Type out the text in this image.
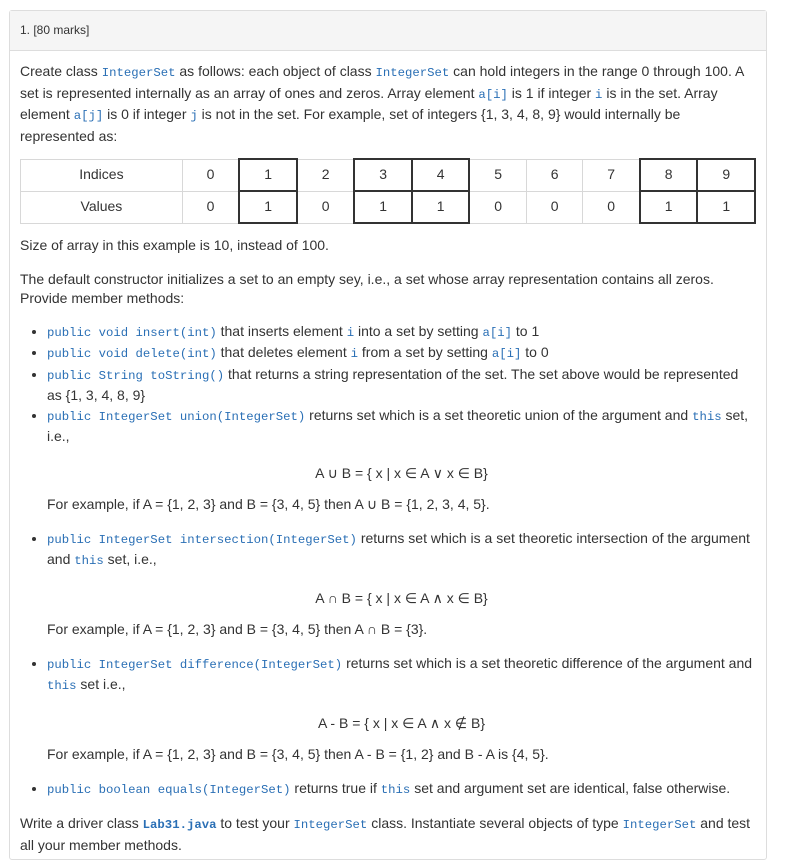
1. [80 marks]

Create class IntegerSet as follows: each object of class IntegerSet can hold integers in the range 0 through 100. A set is represented internally as an array of ones and zeros. Array element a[i] is 1 if integer i is in the set. Array element a[j] is 0 if integer j is not in the set. For example, set of integers {1, 3, 4, 8, 9} would internally be represented as:

Indices	0	1	2	3	4	5	6	7	8	9
Values	0	1	0	1	1	0	0	0	1	1

Size of array in this example is 10, instead of 100.

The default constructor initializes a set to an empty sey, i.e., a set whose array representation contains all zeros. Provide member methods:

• public void insert(int) that inserts element i into a set by setting a[i] to 1
• public void delete(int) that deletes element i from a set by setting a[i] to 0
• public String toString() that returns a string representation of the set. The set above would be represented as {1, 3, 4, 8, 9}
• public IntegerSet union(IntegerSet) returns set which is a set theoretic union of the argument and this set, i.e.,

A ∪ B = { x | x ∈ A ∨ x ∈ B}

For example, if A = {1, 2, 3} and B = {3, 4, 5} then A ∪ B = {1, 2, 3, 4, 5}.

• public IntegerSet intersection(IntegerSet) returns set which is a set theoretic intersection of the argument and this set, i.e.,

A ∩ B = { x | x ∈ A ∧ x ∈ B}

For example, if A = {1, 2, 3} and B = {3, 4, 5} then A ∩ B = {3}.

• public IntegerSet difference(IntegerSet) returns set which is a set theoretic difference of the argument and this set i.e.,

A - B = { x | x ∈ A ∧ x ∉ B}

For example, if A = {1, 2, 3} and B = {3, 4, 5} then A - B = {1, 2} and B - A is {4, 5}.

• public boolean equals(IntegerSet) returns true if this set and argument set are identical, false otherwise.

Write a driver class Lab31.java to test your IntegerSet class. Instantiate several objects of type IntegerSet and test all your member methods.
